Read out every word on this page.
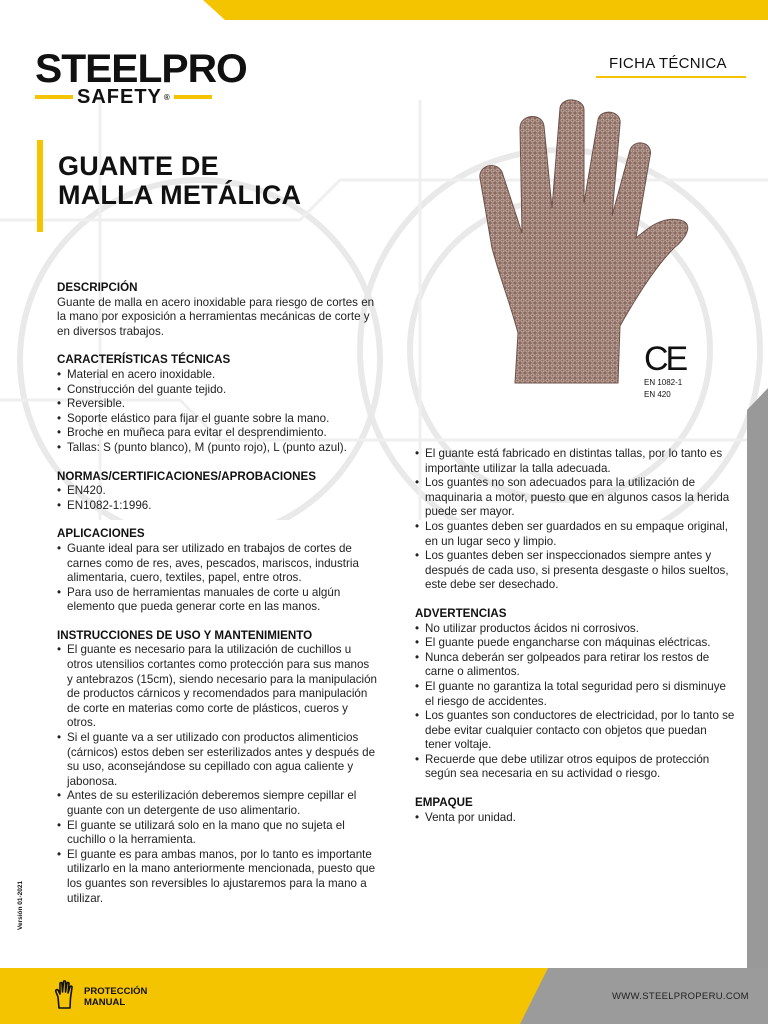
STEELPRO
SAFETY ®
FICHA TÉCNICA
GUANTE DE
MALLA METÁLICA
CE
EN 1082-1
EN 420
DESCRIPCIÓN

Guante de malla en acero inoxidable para riesgo de cortes en la mano por exposición a herramientas mecánicas de corte y en diversos trabajos.

CARACTERÍSTICAS TÉCNICAS
• Material en acero inoxidable.
• Construcción del guante tejido.
• Reversible.
• Soporte elástico para fijar el guante sobre la mano.
• Broche en muñeca para evitar el desprendimiento.
• Tallas: S (punto blanco), M (punto rojo), L (punto azul).
NORMAS/CERTIFICACIONES/APROBACIONES
• EN420.
• EN1082-1:1996.
APLICACIONES
• Guante ideal para ser utilizado en trabajos de cortes de carnes como de res, aves, pescados, mariscos, industria alimentaria, cuero, textiles, papel, entre otros.
• Para uso de herramientas manuales de corte u algún elemento que pueda generar corte en las manos.
INSTRUCCIONES DE USO Y MANTENIMIENTO
• El guante es necesario para la utilización de cuchillos u otros utensilios cortantes como protección para sus manos y antebrazos (15cm), siendo necesario para la manipulación de productos cárnicos y recomendados para manipulación de corte en materias como corte de plásticos, cueros y otros.
• Si el guante va a ser utilizado con productos alimenticios (cárnicos) estos deben ser esterilizados antes y después de su uso, aconsejándose su cepillado con agua caliente y jabonosa.
• Antes de su esterilización deberemos siempre cepillar el guante con un detergente de uso alimentario.
• El guante se utilizará solo en la mano que no sujeta el cuchillo o la herramienta.
• El guante es para ambas manos, por lo tanto es importante utilizarlo en la mano anteriormente mencionada, puesto que los guantes son reversibles lo ajustaremos para la mano a utilizar.
• El guante está fabricado en distintas tallas, por lo tanto es importante utilizar la talla adecuada.
• Los guantes no son adecuados para la utilización de maquinaria a motor, puesto que en algunos casos la herida puede ser mayor.
• Los guantes deben ser guardados en su empaque original, en un lugar seco y limpio.
• Los guantes deben ser inspeccionados siempre antes y después de cada uso, si presenta desgaste o hilos sueltos, este debe ser desechado.
ADVERTENCIAS
• No utilizar productos ácidos ni corrosivos.
• El guante puede engancharse con máquinas eléctricas.
• Nunca deberán ser golpeados para retirar los restos de carne o alimentos.
• El guante no garantiza la total seguridad pero si disminuye el riesgo de accidentes.
• Los guantes son conductores de electricidad, por lo tanto se debe evitar cualquier contacto con objetos que puedan tener voltaje.
• Recuerde que debe utilizar otros equipos de protección según sea necesaria en su actividad o riesgo.
EMPAQUE
• Venta por unidad.
Versión 01-2021
PROTECCIÓN
MANUAL
WWW.STEELPROPERU.COM
